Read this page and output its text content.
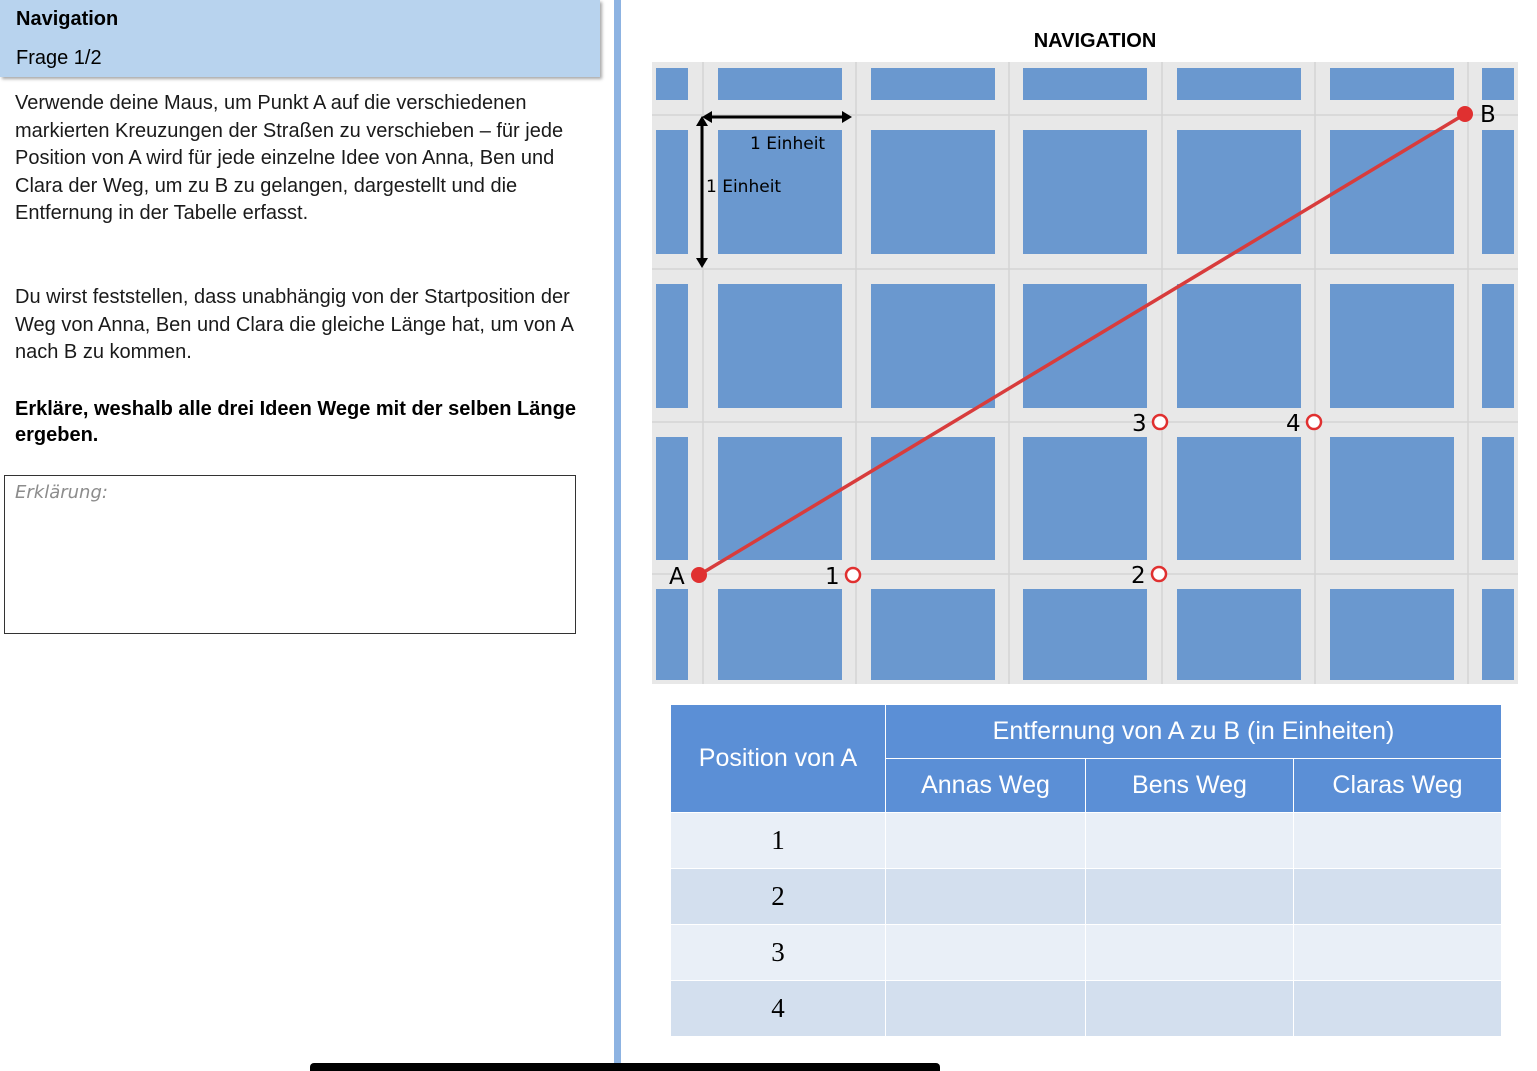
Navigation
Frage 1/2

Verwende deine Maus, um Punkt A auf die verschiedenen markierten Kreuzungen der Straßen zu verschieben – für jede Position von A wird für jede einzelne Idee von Anna, Ben und Clara der Weg, um zu B zu gelangen, dargestellt und die Entfernung in der Tabelle erfasst.

Du wirst feststellen, dass unabhängig von der Startposition der Weg von Anna, Ben und Clara die gleiche Länge hat, um von A nach B zu kommen.

Erkläre, weshalb alle drei Ideen Wege mit der selben Länge ergeben.

Erklärung:
NAVIGATION
1 Einheit
1 Einheit
1	2
3	4
A
B
Position von A	Entfernung von A zu B (in Einheiten)		
	Annas Weg	Bens Weg	Claras Weg
1			
2			
3			
4			
